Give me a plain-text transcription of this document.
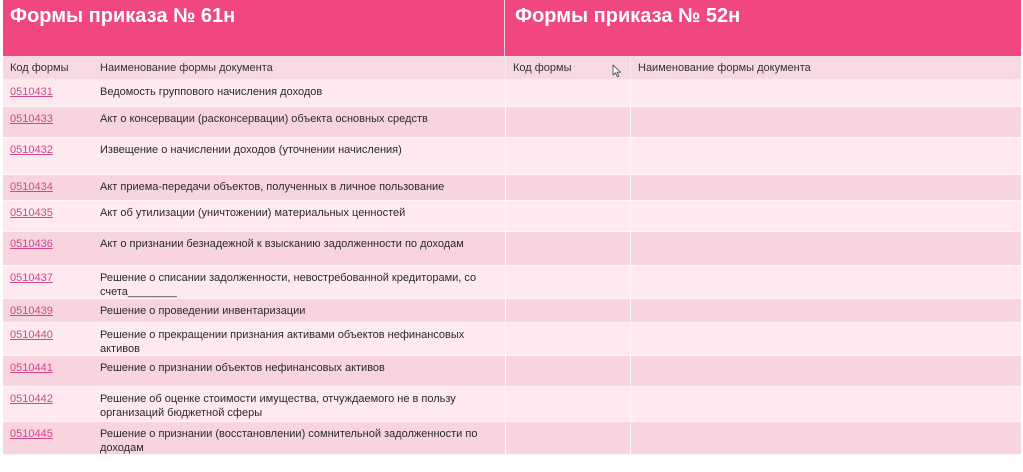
Формы приказа № 61н	Формы приказа № 52н
Код формы	Наименование формы документа	Код формы	Наименование формы документа
0510431	Ведомость группового начисления доходов
0510433	Акт о консервации (расконсервации) объекта основных средств
0510432	Извещение о начислении доходов (уточнении начисления)
0510434	Акт приема-передачи объектов, полученных в личное пользование
0510435	Акт об утилизации (уничтожении) материальных ценностей
0510436	Акт о признании безнадежной к взысканию задолженности по доходам
0510437	Решение о списании задолженности, невостребованной кредиторами, со счета________
0510439	Решение о проведении инвентаризации
0510440	Решение о прекращении признания активами объектов нефинансовых активов
0510441	Решение о признании объектов нефинансовых активов
0510442	Решение об оценке стоимости имущества, отчуждаемого не в пользу организаций бюджетной сферы
0510445	Решение о признании (восстановлении) сомнительной задолженности по доходам
